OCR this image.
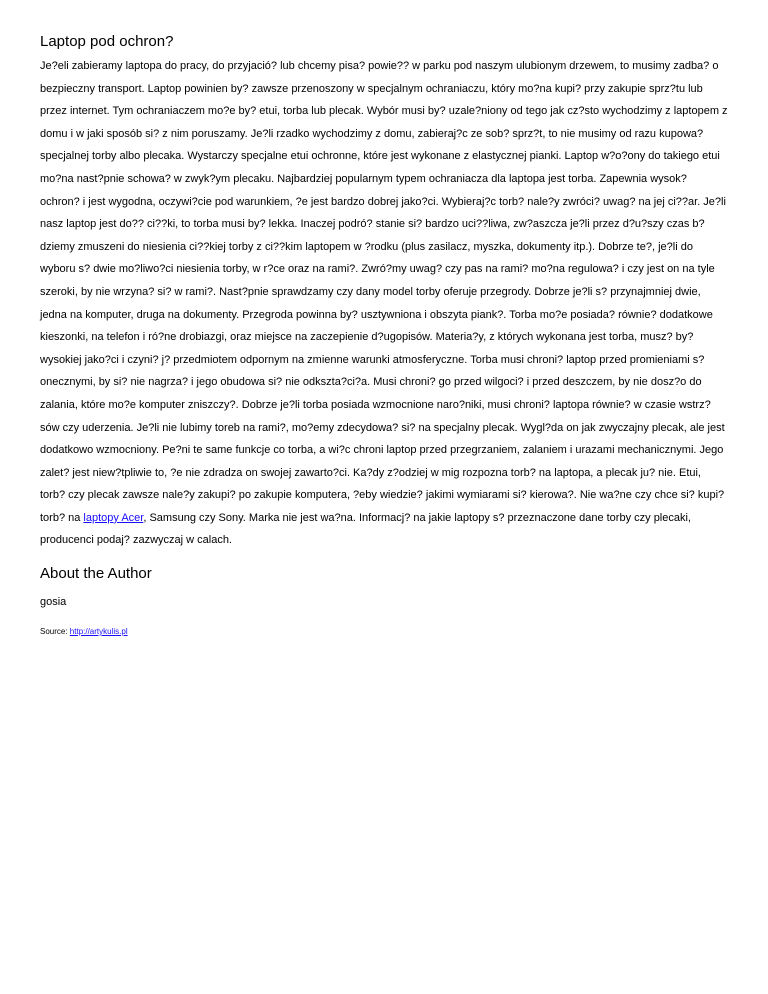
Laptop pod ochron?

Je?eli zabieramy laptopa do pracy, do przyjació? lub chcemy pisa? powie?? w parku pod naszym ulubionym drzewem, to musimy zadba? o bezpieczny transport. Laptop powinien by? zawsze przenoszony w specjalnym ochraniaczu, który mo?na kupi? przy zakupie sprz?tu lub przez internet. Tym ochraniaczem mo?e by? etui, torba lub plecak. Wybór musi by? uzale?niony od tego jak cz?sto wychodzimy z laptopem z domu i w jaki sposób si? z nim poruszamy. Je?li rzadko wychodzimy z domu, zabieraj?c ze sob? sprz?t, to nie musimy od razu kupowa? specjalnej torby albo plecaka. Wystarczy specjalne etui ochronne, które jest wykonane z elastycznej pianki. Laptop w?o?ony do takiego etui mo?na nast?pnie schowa? w zwyk?ym plecaku. Najbardziej popularnym typem ochraniacza dla laptopa jest torba. Zapewnia wysok? ochron? i jest wygodna, oczywi?cie pod warunkiem, ?e jest bardzo dobrej jako?ci. Wybieraj?c torb? nale?y zwróci? uwag? na jej ci??ar. Je?li nasz laptop jest do?? ci??ki, to torba musi by? lekka. Inaczej podró? stanie si? bardzo uci??liwa, zw?aszcza je?li przez d?u?szy czas b?dziemy zmuszeni do niesienia ci??kiej torby z ci??kim laptopem w ?rodku (plus zasilacz, myszka, dokumenty itp.). Dobrze te?, je?li do wyboru s? dwie mo?liwo?ci niesienia torby, w r?ce oraz na rami?. Zwró?my uwag? czy pas na rami? mo?na regulowa? i czy jest on na tyle szeroki, by nie wrzyna? si? w rami?. Nast?pnie sprawdzamy czy dany model torby oferuje przegrody. Dobrze je?li s? przynajmniej dwie, jedna na komputer, druga na dokumenty. Przegroda powinna by? usztywniona i obszyta piank?. Torba mo?e posiada? równie? dodatkowe kieszonki, na telefon i ró?ne drobiazgi, oraz miejsce na zaczepienie d?ugopisów. Materia?y, z których wykonana jest torba, musz? by? wysokiej jako?ci i czyni? j? przedmiotem odpornym na zmienne warunki atmosferyczne. Torba musi chroni? laptop przed promieniami s?onecznymi, by si? nie nagrza? i jego obudowa si? nie odkszta?ci?a. Musi chroni? go przed wilgoci? i przed deszczem, by nie dosz?o do zalania, które mo?e komputer zniszczy?. Dobrze je?li torba posiada wzmocnione naro?niki, musi chroni? laptopa równie? w czasie wstrz?sów czy uderzenia. Je?li nie lubimy toreb na rami?, mo?emy zdecydowa? si? na specjalny plecak. Wygl?da on jak zwyczajny plecak, ale jest dodatkowo wzmocniony. Pe?ni te same funkcje co torba, a wi?c chroni laptop przed przegrzaniem, zalaniem i urazami mechanicznymi. Jego zalet? jest niew?tpliwie to, ?e nie zdradza on swojej zawarto?ci. Ka?dy z?odziej w mig rozpozna torb? na laptopa, a plecak ju? nie. Etui, torb? czy plecak zawsze nale?y zakupi? po zakupie komputera, ?eby wiedzie? jakimi wymiarami si? kierowa?. Nie wa?ne czy chce si? kupi? torb? na laptopy Acer, Samsung czy Sony. Marka nie jest wa?na. Informacj? na jakie laptopy s? przeznaczone dane torby czy plecaki, producenci podaj? zazwyczaj w calach.

About the Author

gosia

Source: http://artykulis.pl
